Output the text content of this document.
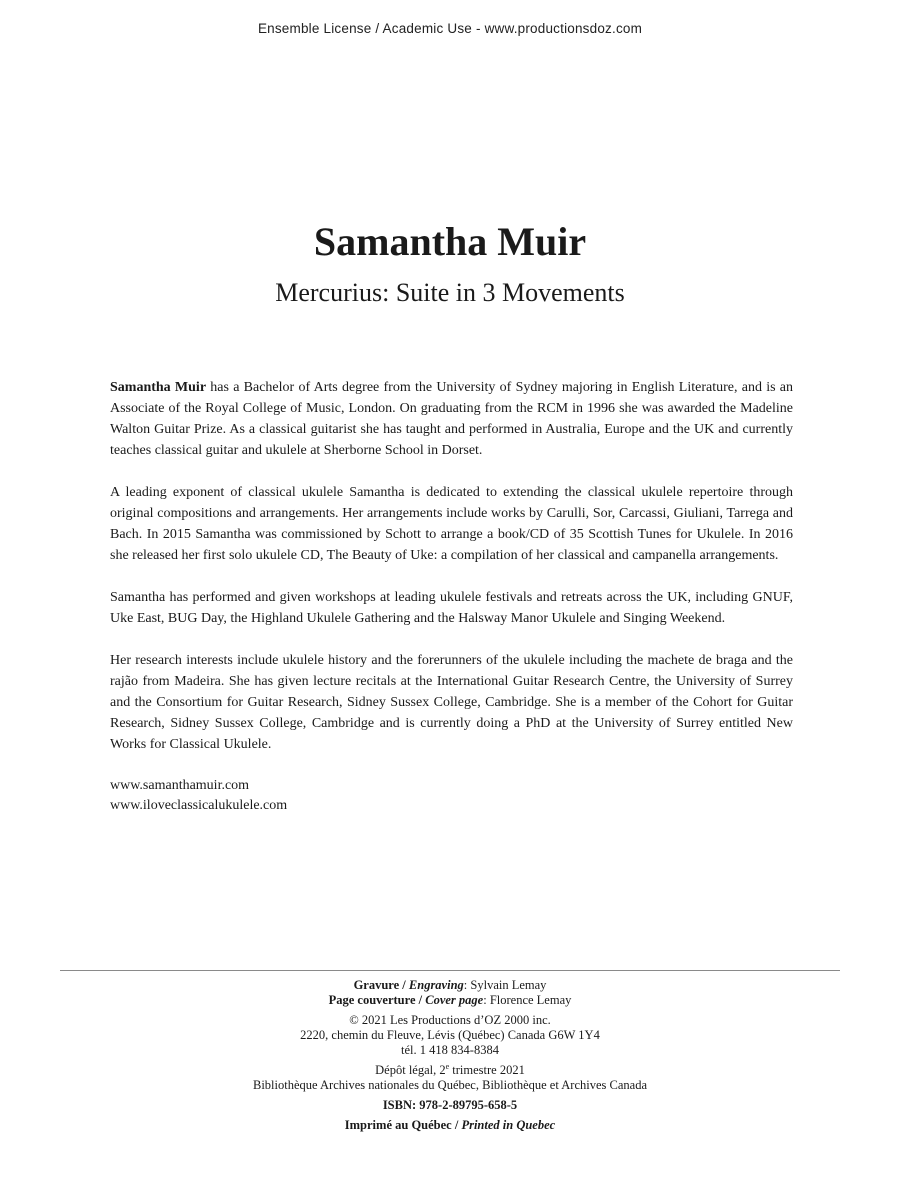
Ensemble License / Academic Use - www.productionsdoz.com
Samantha Muir
Mercurius: Suite in 3 Movements

Samantha Muir has a Bachelor of Arts degree from the University of Sydney majoring in English Literature, and is an Associate of the Royal College of Music, London. On graduating from the RCM in 1996 she was awarded the Madeline Walton Guitar Prize. As a classical guitarist she has taught and performed in Australia, Europe and the UK and currently teaches classical guitar and ukulele at Sherborne School in Dorset.

A leading exponent of classical ukulele Samantha is dedicated to extending the classical ukulele repertoire through original compositions and arrangements. Her arrangements include works by Carulli, Sor, Carcassi, Giuliani, Tarrega and Bach. In 2015 Samantha was commissioned by Schott to arrange a book/CD of 35 Scottish Tunes for Ukulele. In 2016 she released her first solo ukulele CD, The Beauty of Uke: a compilation of her classical and campanella arrangements.

Samantha has performed and given workshops at leading ukulele festivals and retreats across the UK, including GNUF, Uke East, BUG Day, the Highland Ukulele Gathering and the Halsway Manor Ukulele and Singing Weekend.

Her research interests include ukulele history and the forerunners of the ukulele including the machete de braga and the rajão from Madeira. She has given lecture recitals at the International Guitar Research Centre, the University of Surrey and the Consortium for Guitar Research, Sidney Sussex College, Cambridge. She is a member of the Cohort for Guitar Research, Sidney Sussex College, Cambridge and is currently doing a PhD at the University of Surrey entitled New Works for Classical Ukulele.

www.samanthamuir.com
www.iloveclassicalukulele.com
Gravure / Engraving: Sylvain Lemay
Page couverture / Cover page: Florence Lemay
© 2021 Les Productions d’OZ 2000 inc.
2220, chemin du Fleuve, Lévis (Québec) Canada G6W 1Y4
tél. 1 418 834-8384
Dépôt légal, 2e trimestre 2021
Bibliothèque Archives nationales du Québec, Bibliothèque et Archives Canada
ISBN: 978-2-89795-658-5
Imprimé au Québec / Printed in Quebec
